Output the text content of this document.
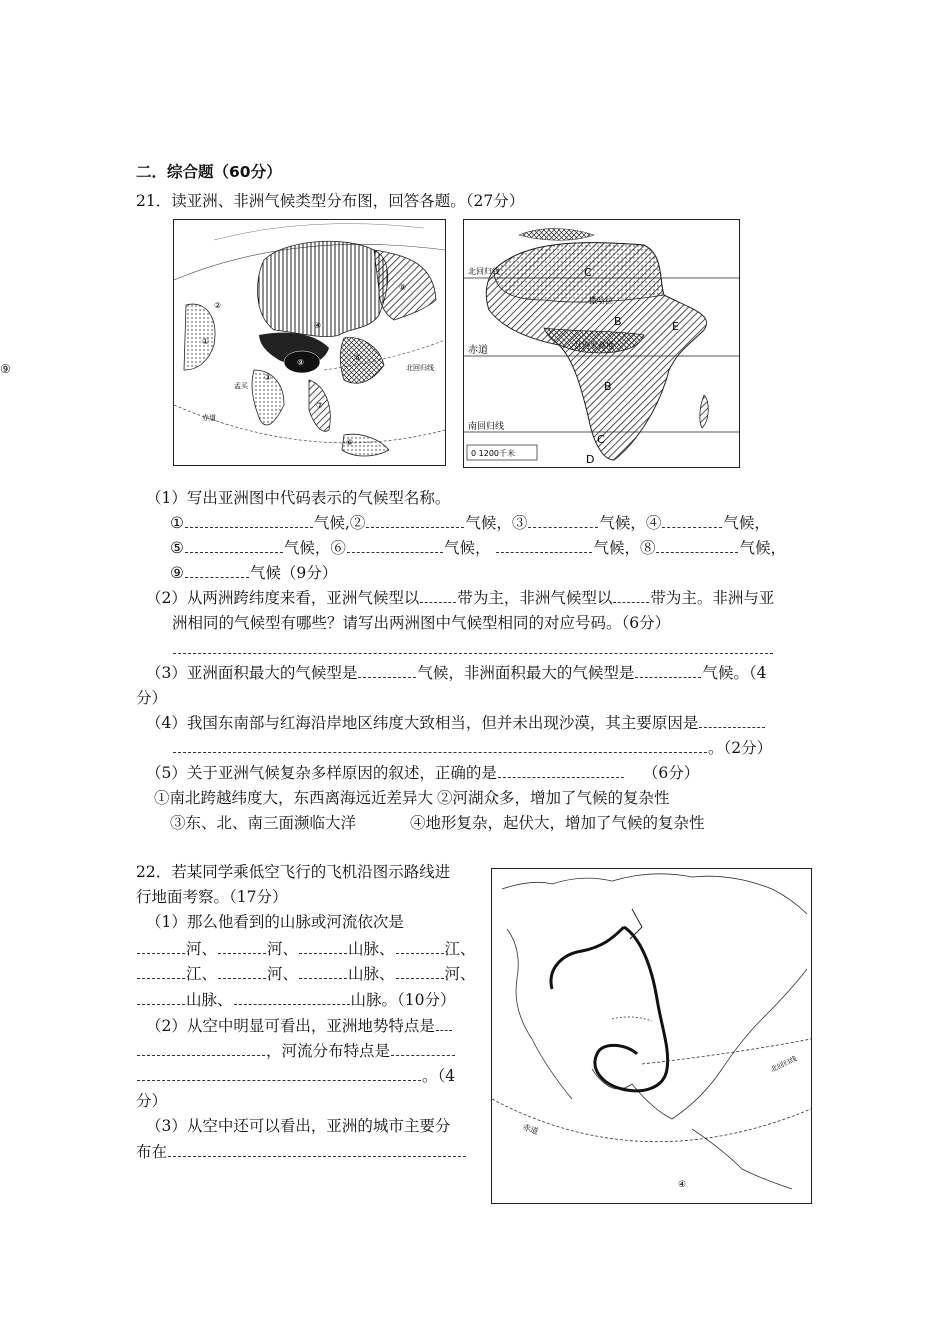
⑨
二．综合题（60分）
21．读亚洲、非洲气候类型分布图，回答各题。（27分）
①
②
③
④
⑤
⑥
⑦
⑧
⑨
孟买
北回归线
赤道
C
B
B
C
D
E
撒哈拉
几内亚高地
北回归线
赤道
南回归线
0 1200千米
（1）写出亚洲图中代码表示的气候型名称。
①	气候,②	气候，③	气候，④	气候，
⑤	气候，⑥	气候，	气候，⑧	气候，
⑨	气候（9分）
（2）从两洲跨纬度来看，亚洲气候型以 带为主，非洲气候型以 带为主。非洲与亚
洲相同的气候型有哪些？请写出两洲图中气候型相同的对应号码。（6分）
（3）亚洲面积最大的气候型是	气候，非洲面积最大的气候型是	气候。（4
分）
（4）我国东南部与红海沿岸地区纬度大致相当，但并未出现沙漠，其主要原因是
。（2分）
（5）关于亚洲气候复杂多样原因的叙述，正确的是	（6分）
①南北跨越纬度大，东西离海远近差异大 ②河湖众多，增加了气候的复杂性
③东、北、南三面濒临大洋	④地形复杂，起伏大，增加了气候的复杂性
22．若某同学乘低空飞行的飞机沿图示路线进
行地面考察。（17分）
（1）那么他看到的山脉或河流依次是
河、	河、	山脉、	江、
江、	河、	山脉、	河、
山脉、	山脉。（10分）
（2）从空中明显可看出，亚洲地势特点是
，河流分布特点是
。（4
分）
（3）从空中还可以看出，亚洲的城市主要分
布在
北回归线
赤道
④
